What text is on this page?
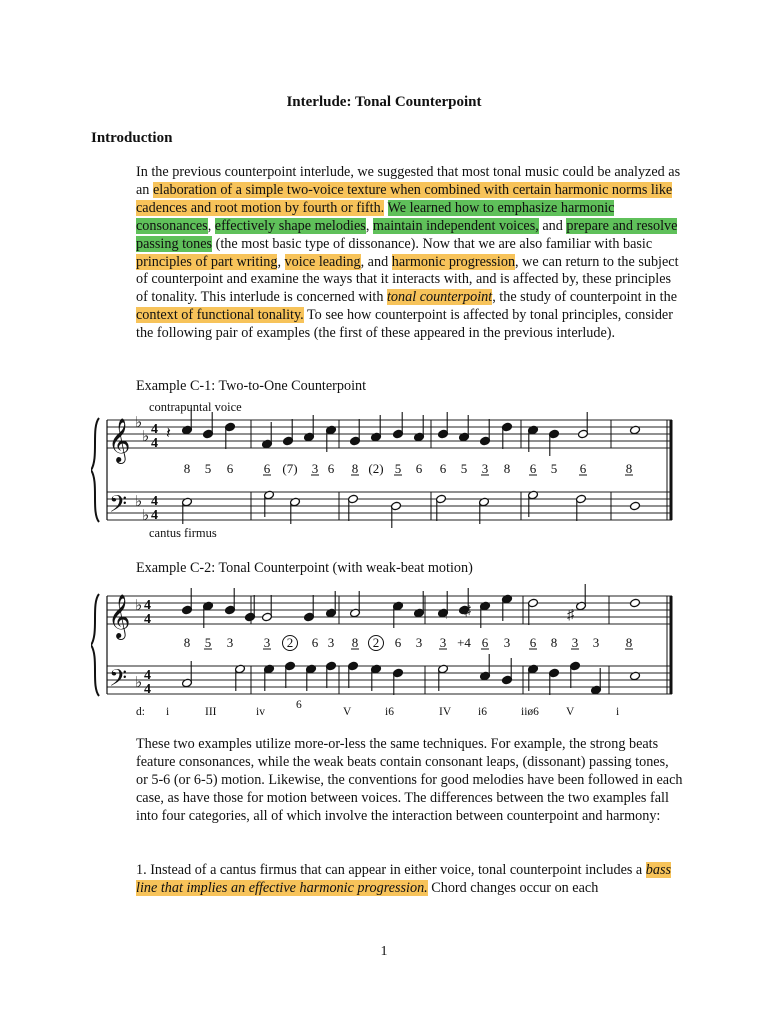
Interlude: Tonal Counterpoint
Introduction
In the previous counterpoint interlude, we suggested that most tonal music could be analyzed as an elaboration of a simple two-voice texture when combined with certain harmonic norms like cadences and root motion by fourth or fifth. We learned how to emphasize harmonic consonances, effectively shape melodies, maintain independent voices, and prepare and resolve passing tones (the most basic type of dissonance). Now that we are also familiar with basic principles of part writing, voice leading, and harmonic progression, we can return to the subject of counterpoint and examine the ways that it interacts with, and is affected by, these principles of tonality. This interlude is concerned with tonal counterpoint, the study of counterpoint in the context of functional tonality. To see how counterpoint is affected by tonal principles, consider the following pair of examples (the first of these appeared in the previous interlude).
Example C-1: Two-to-One Counterpoint
contrapuntal voice
𝄞
𝄢
♭
♭
♭
♭
4
4
4
4
𝄽
8 5 6 6 (7) 3 6 8 (2) 5 6 6 5 3 8 6 5 6	8
cantus firmus
Example C-2: Tonal Counterpoint (with weak-beat motion)
𝄞
𝄢
♭
♭
4
4
4
4
♮ ♯	♯
8 5 3 3 2 6 3 8 2 6 3 3 +4 6 3 6 8 3 3 8
d: i	III	iv
6
V	i6	IV i6	iiø6 V	i
These two examples utilize more-or-less the same techniques. For example, the strong beats feature consonances, while the weak beats contain consonant leaps, (dissonant) passing tones, or 5-6 (or 6-5) motion. Likewise, the conventions for good melodies have been followed in each case, as have those for motion between voices. The differences between the two examples fall into four categories, all of which involve the interaction between counterpoint and harmony:
1. Instead of a cantus firmus that can appear in either voice, tonal counterpoint includes a bass line that implies an effective harmonic progression. Chord changes occur on each
1
